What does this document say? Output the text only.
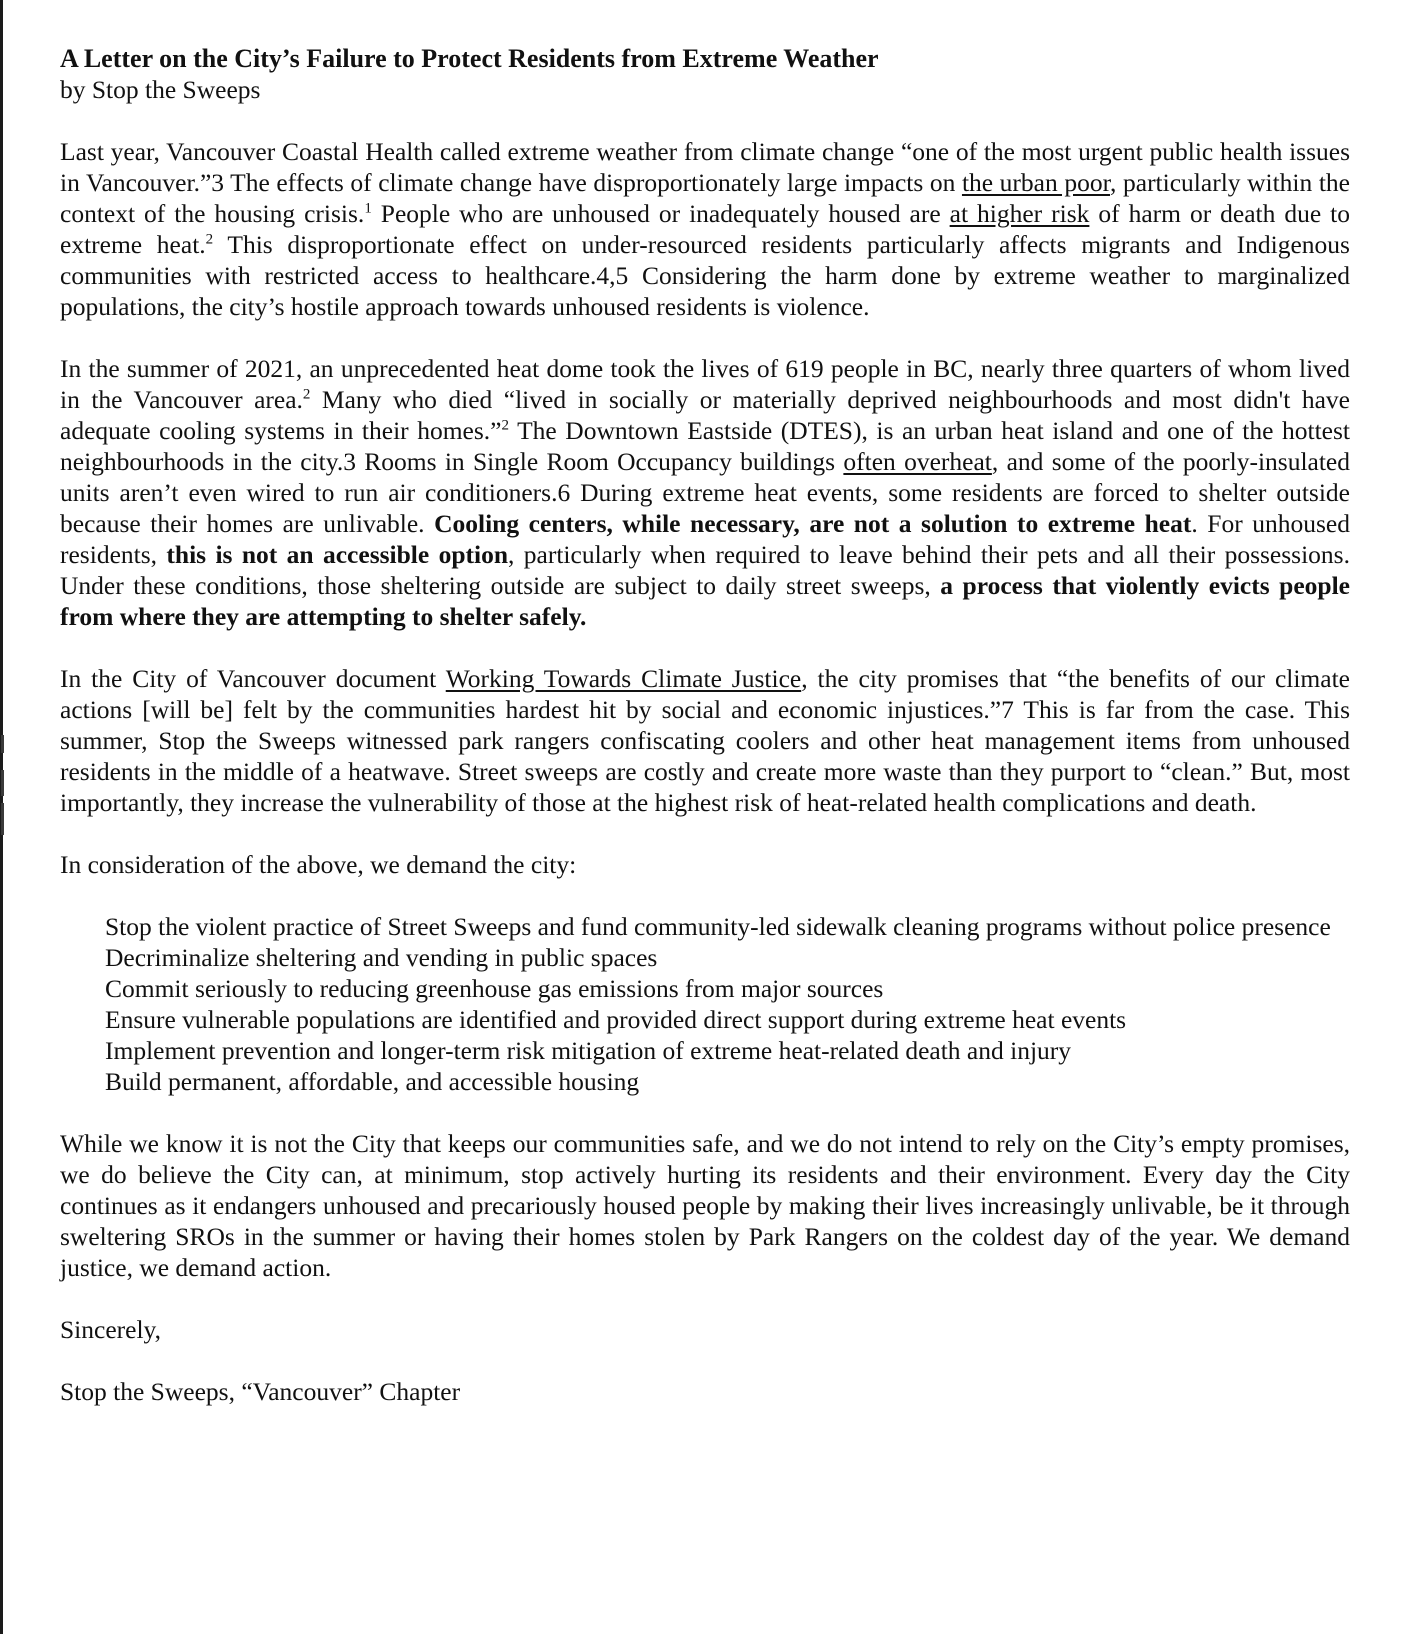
A Letter on the City’s Failure to Protect Residents from Extreme Weather
by Stop the Sweeps

Last year, Vancouver Coastal Health called extreme weather from climate change “one of the most urgent public health issues in Vancouver.”3 The effects of climate change have disproportionately large impacts on the urban poor, particularly within the context of the housing crisis.$^1$ People who are unhoused or inadequately housed are at higher risk of harm or death due to extreme heat.$^2$ This disproportionate effect on under-resourced residents particularly affects migrants and Indigenous communities with restricted access to healthcare.4,5 Considering the harm done by extreme weather to marginalized populations, the city’s hostile approach towards unhoused residents is violence.

In the summer of 2021, an unprecedented heat dome took the lives of 619 people in BC, nearly three quarters of whom lived in the Vancouver area.$^2$ Many who died “lived in socially or materially deprived neighbourhoods and most didn't have adequate cooling systems in their homes.”$^2$ The Downtown Eastside (DTES), is an urban heat island and one of the hottest neighbourhoods in the city.3 Rooms in Single Room Occupancy buildings often overheat, and some of the poorly-insulated units aren’t even wired to run air conditioners.6 During extreme heat events, some residents are forced to shelter outside because their homes are unlivable. Cooling centers, while necessary, are not a solution to extreme heat. For unhoused residents, this is not an accessible option, particularly when required to leave behind their pets and all their possessions. Under these conditions, those sheltering outside are subject to daily street sweeps, a process that violently evicts people from where they are attempting to shelter safely.

In the City of Vancouver document Working Towards Climate Justice, the city promises that “the benefits of our climate actions [will be] felt by the communities hardest hit by social and economic injustices.”7 This is far from the case. This summer, Stop the Sweeps witnessed park rangers confiscating coolers and other heat management items from unhoused residents in the middle of a heatwave. Street sweeps are costly and create more waste than they purport to “clean.” But, most importantly, they increase the vulnerability of those at the highest risk of heat-related health complications and death.

In consideration of the above, we demand the city:

Stop the violent practice of Street Sweeps and fund community-led sidewalk cleaning programs without police presence
Decriminalize sheltering and vending in public spaces
Commit seriously to reducing greenhouse gas emissions from major sources
Ensure vulnerable populations are identified and provided direct support during extreme heat events
Implement prevention and longer-term risk mitigation of extreme heat-related death and injury
Build permanent, affordable, and accessible housing

While we know it is not the City that keeps our communities safe, and we do not intend to rely on the City’s empty promises, we do believe the City can, at minimum, stop actively hurting its residents and their environment. Every day the City continues as it endangers unhoused and precariously housed people by making their lives increasingly unlivable, be it through sweltering SROs in the summer or having their homes stolen by Park Rangers on the coldest day of the year. We demand justice, we demand action.

Sincerely,

Stop the Sweeps, “Vancouver” Chapter
